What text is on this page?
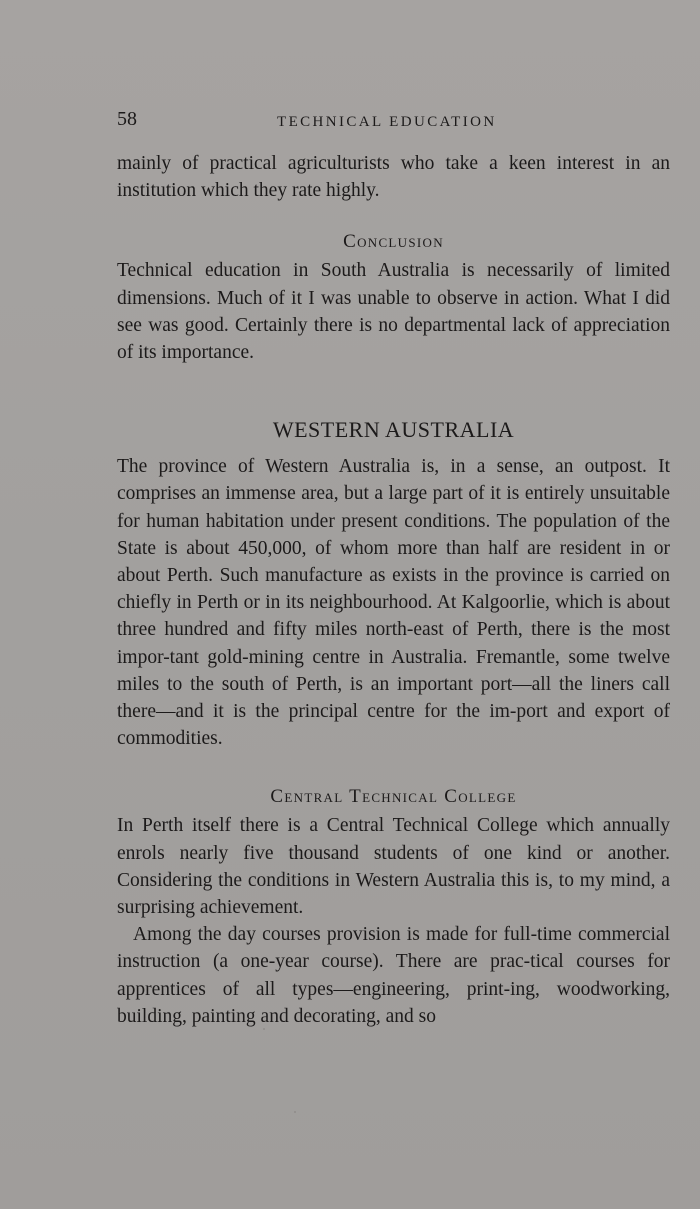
58	TECHNICAL EDUCATION

mainly of practical agriculturists who take a keen interest in an institution which they rate highly.

Conclusion

Technical education in South Australia is necessarily of limited dimensions. Much of it I was unable to observe in action. What I did see was good. Certainly there is no departmental lack of appreciation of its importance.

WESTERN AUSTRALIA

The province of Western Australia is, in a sense, an outpost. It comprises an immense area, but a large part of it is entirely unsuitable for human habitation under present conditions. The population of the State is about 450,000, of whom more than half are resident in or about Perth. Such manufacture as exists in the province is carried on chiefly in Perth or in its neighbourhood. At Kalgoorlie, which is about three hundred and fifty miles north-east of Perth, there is the most impor-tant gold-mining centre in Australia. Fremantle, some twelve miles to the south of Perth, is an important port—all the liners call there—and it is the principal centre for the im-port and export of commodities.

Central Technical College

In Perth itself there is a Central Technical College which annually enrols nearly five thousand students of one kind or another. Considering the conditions in Western Australia this is, to my mind, a surprising achievement.

Among the day courses provision is made for full-time commercial instruction (a one-year course). There are prac-tical courses for apprentices of all types—engineering, print-ing, woodworking, building, painting and decorating, and so
